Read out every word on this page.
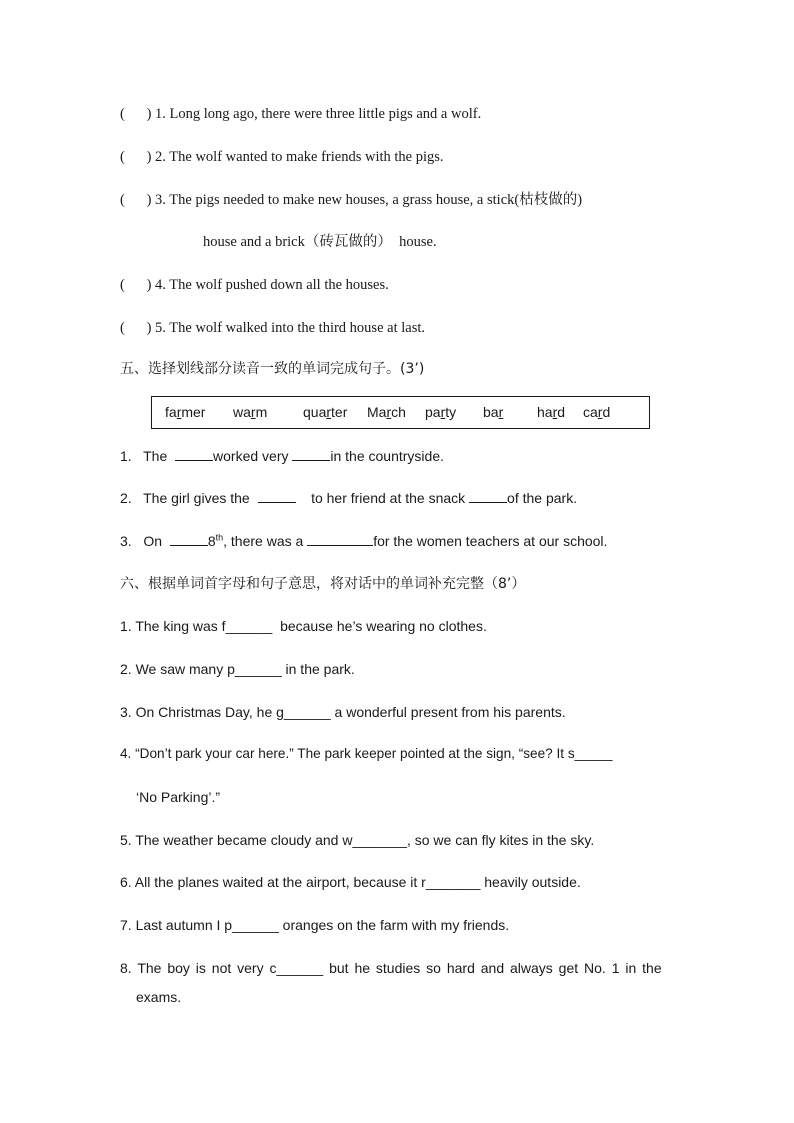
(      ) 1. Long long ago, there were three little pigs and a wolf.
(      ) 2. The wolf wanted to make friends with the pigs.
(      ) 3. The pigs needed to make new houses, a grass house, a stick(枯枝做的)
house and a brick（砖瓦做的）  house.
(      ) 4. The wolf pushed down all the houses.
(      ) 5. The wolf walked into the third house at last.
五、选择划线部分读音一致的单词完成句子。(3’)
farmer warm	quarter March party bar hard card
1. The	worked very	in the countryside.
2. The girl gives the	to her friend at the snack	of the park.
3. On	8th, there was a	for the women teachers at our school.
六、根据单词首字母和句子意思，将对话中的单词补充完整（8’）
1. The king was f______  because he’s wearing no clothes.
2. We saw many p______ in the park.
3. On Christmas Day, he g______ a wonderful present from his parents.
4. “Don’t park your car here.” The park keeper pointed at the sign, “see? It s_____
‘No Parking’.”
5. The weather became cloudy and w_______, so we can fly kites in the sky.
6. All the planes waited at the airport, because it r_______ heavily outside.
7. Last autumn I p______ oranges on the farm with my friends.
8. The boy is not very c______ but he studies so hard and always get No. 1 in the
exams.
